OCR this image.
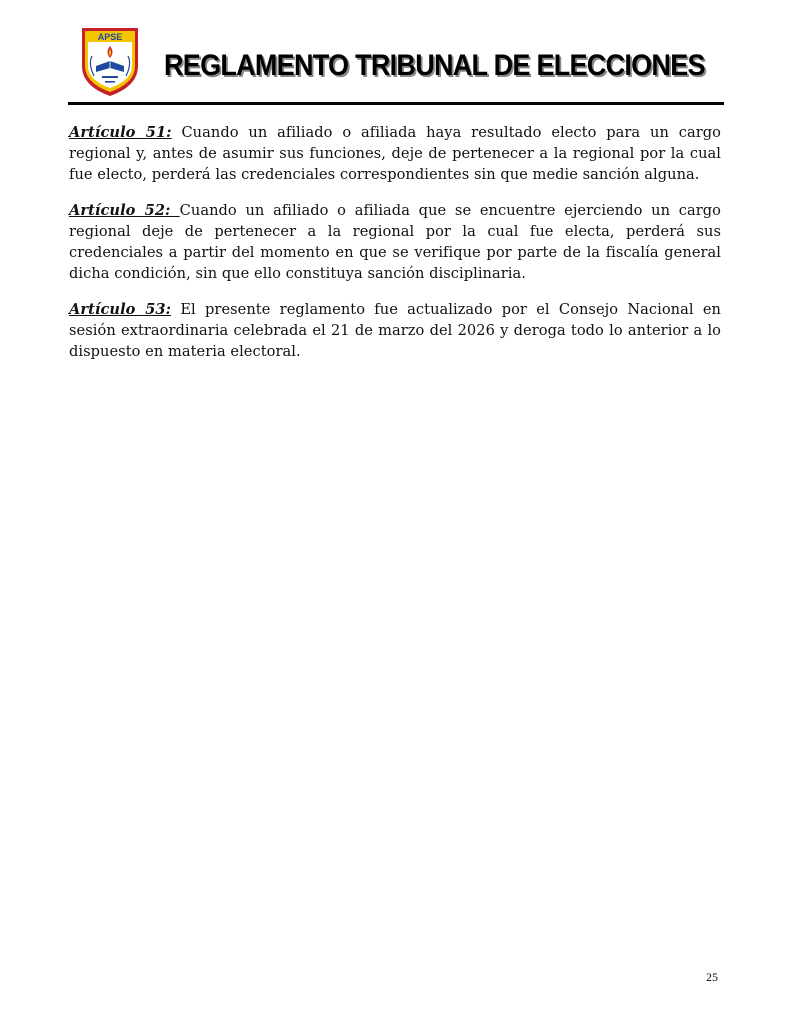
APSE
REGLAMENTO TRIBUNAL DE ELECCIONES

Artículo 51: Cuando un afiliado o afiliada haya resultado electo para un cargo regional y, antes de asumir sus funciones, deje de pertenecer a la regional por la cual fue electo, perderá las credenciales correspondientes sin que medie sanción alguna.

Artículo 52: Cuando un afiliado o afiliada que se encuentre ejerciendo un cargo regional deje de pertenecer a la regional por la cual fue electa, perderá sus credenciales a partir del momento en que se verifique por parte de la fiscalía general dicha condición, sin que ello constituya sanción disciplinaria.

Artículo 53: El presente reglamento fue actualizado por el Consejo Nacional en sesión extraordinaria celebrada el 21 de marzo del 2026 y deroga todo lo anterior a lo dispuesto en materia electoral.

25
